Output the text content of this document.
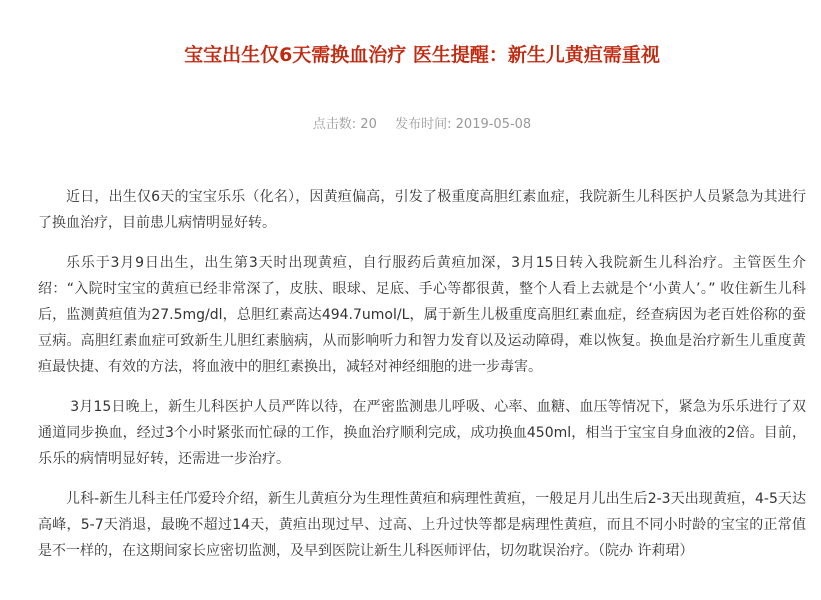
宝宝出生仅6天需换血治疗 医生提醒：新生儿黄疸需重视
点击数: 20 发布时间: 2019-05-08

近日，出生仅6天的宝宝乐乐（化名），因黄疸偏高，引发了极重度高胆红素血症，我院新生儿科医护人员紧急为其进行了换血治疗，目前患儿病情明显好转。

乐乐于3月9日出生，出生第3天时出现黄疸，自行服药后黄疸加深，3月15日转入我院新生儿科治疗。主管医生介绍：“入院时宝宝的黄疸已经非常深了，皮肤、眼球、足底、手心等都很黄，整个人看上去就是个‘小黄人’。” 收住新生儿科后，监测黄疸值为27.5mg/dl，总胆红素高达494.7umol/L，属于新生儿极重度高胆红素血症，经查病因为老百姓俗称的蚕豆病。高胆红素血症可致新生儿胆红素脑病，从而影响听力和智力发育以及运动障碍，难以恢复。换血是治疗新生儿重度黄疸最快捷、有效的方法，将血液中的胆红素换出，减轻对神经细胞的进一步毒害。

3月15日晚上，新生儿科医护人员严阵以待，在严密监测患儿呼吸、心率、血糖、血压等情况下，紧急为乐乐进行了双通道同步换血，经过3个小时紧张而忙碌的工作，换血治疗顺利完成，成功换血450ml，相当于宝宝自身血液的2倍。目前，乐乐的病情明显好转，还需进一步治疗。

儿科-新生儿科主任邝爱玲介绍，新生儿黄疸分为生理性黄疸和病理性黄疸，一般足月儿出生后2-3天出现黄疸，4-5天达高峰，5-7天消退，最晚不超过14天，黄疸出现过早、过高、上升过快等都是病理性黄疸，而且不同小时龄的宝宝的正常值是不一样的，在这期间家长应密切监测，及早到医院让新生儿科医师评估，切勿耽误治疗。（院办 许莉珺）
